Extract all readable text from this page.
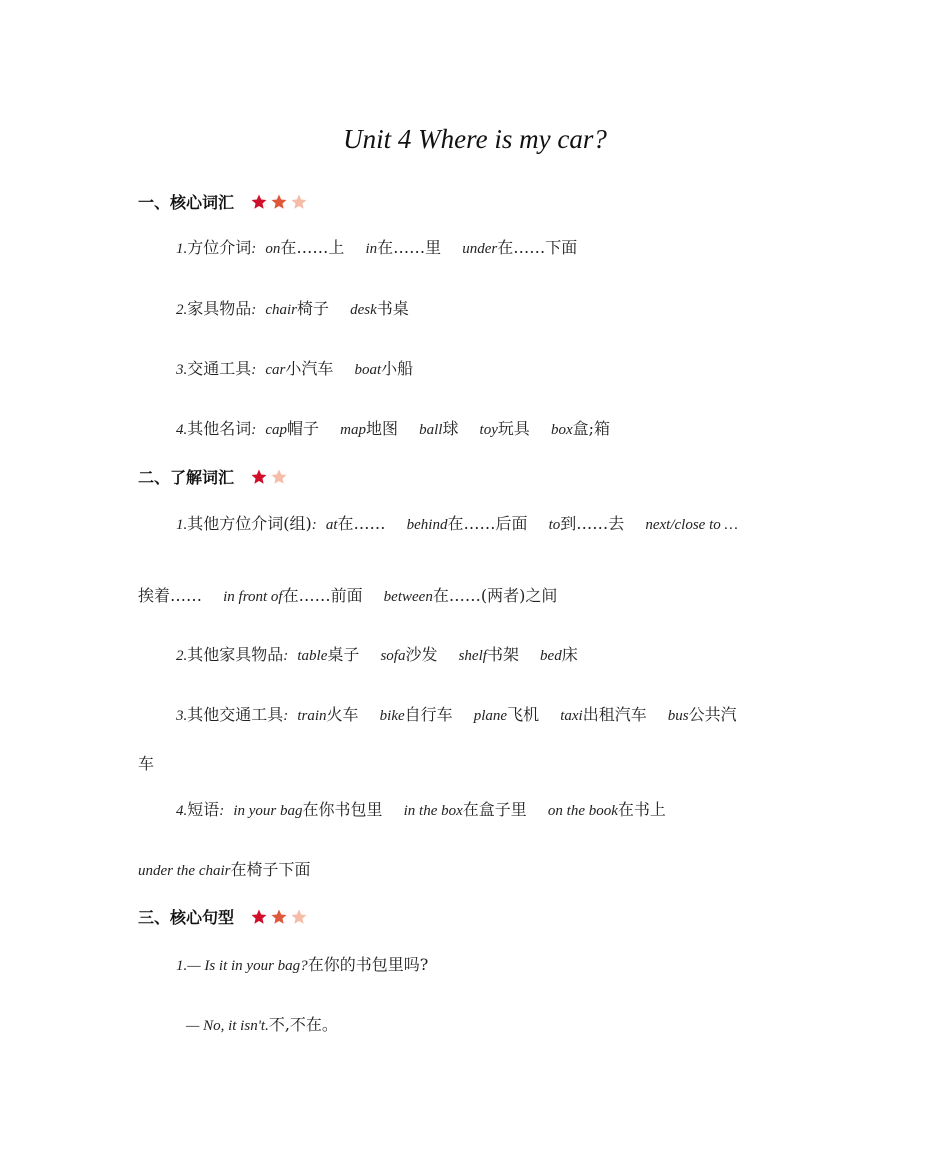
Unit 4 Where is my car?
一、核心词汇
1.方位介词: on在……上 in在……里 under在……下面
2.家具物品: chair椅子 desk书桌
3.交通工具: car小汽车 boat小船
4.其他名词: cap帽子 map地图 ball球 toy玩具 box盒;箱
二、了解词汇
1.其他方位介词(组): at在…… behind在……后面 to到……去 next/close to …
挨着…… in front of在……前面 between在……(两者)之间
2.其他家具物品: table桌子 sofa沙发 shelf书架 bed床
3.其他交通工具: train火车 bike自行车 plane飞机 taxi出租汽车 bus公共汽
车
4.短语: in your bag在你书包里 in the box在盒子里 on the book在书上
under the chair在椅子下面
三、核心句型
1.— Is it in your bag?在你的书包里吗?
— No, it isn't.不,不在。
